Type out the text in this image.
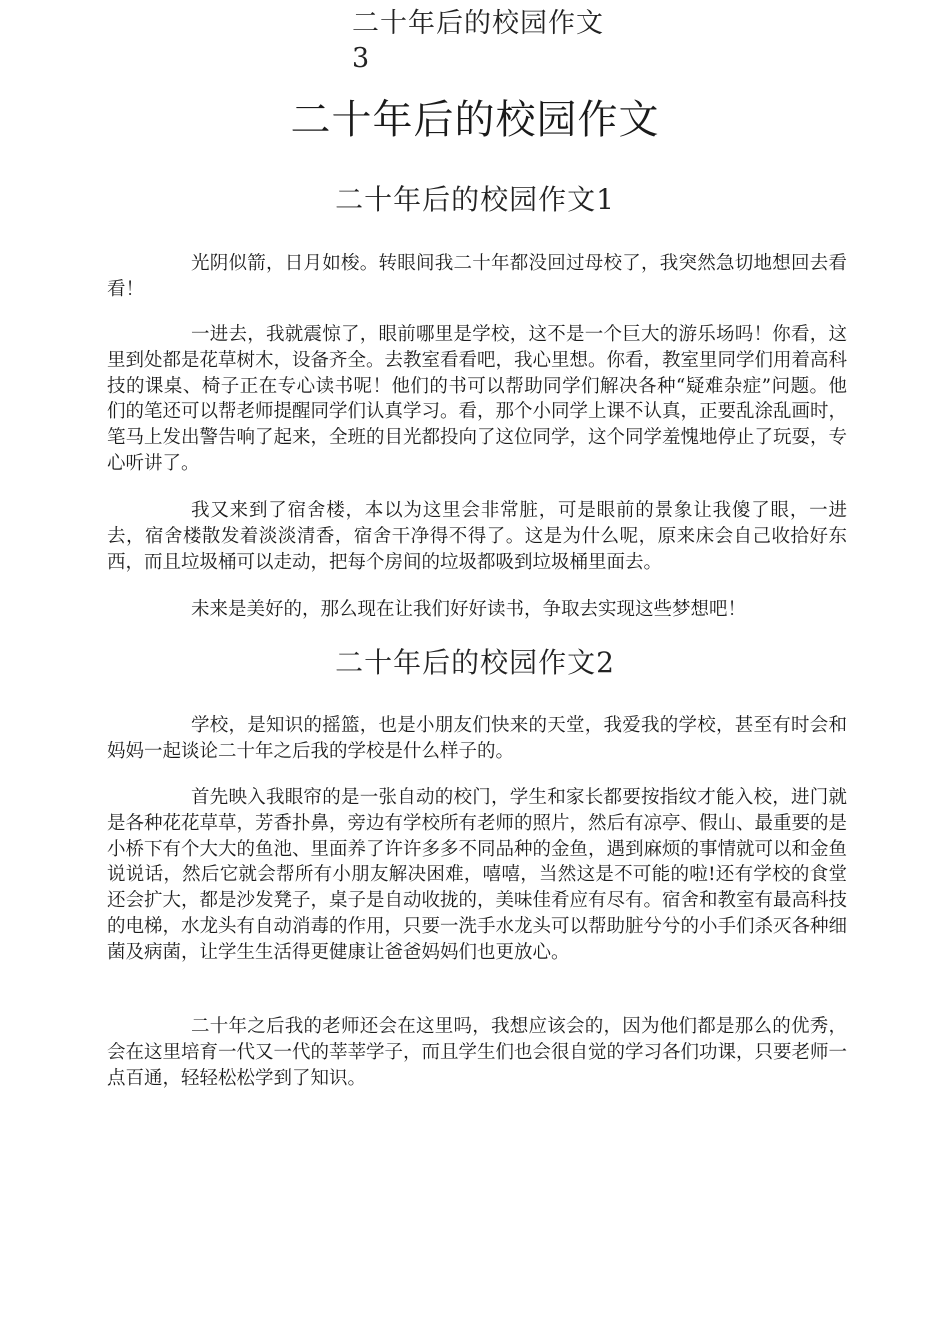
二十年后的校园作文
3
二十年后的校园作文
二十年后的校园作文1

光阴似箭，日月如梭。转眼间我二十年都没回过母校了，我突然急切地想回去看看！

一进去，我就震惊了，眼前哪里是学校，这不是一个巨大的游乐场吗！你看，这里到处都是花草树木，设备齐全。去教室看看吧，我心里想。你看，教室里同学们用着高科技的课桌、椅子正在专心读书呢！他们的书可以帮助同学们解决各种“疑难杂症”问题。他们的笔还可以帮老师提醒同学们认真学习。看，那个小同学上课不认真，正要乱涂乱画时，笔马上发出警告响了起来，全班的目光都投向了这位同学，这个同学羞愧地停止了玩耍，专心听讲了。

我又来到了宿舍楼，本以为这里会非常脏，可是眼前的景象让我傻了眼，一进去，宿舍楼散发着淡淡清香，宿舍干净得不得了。这是为什么呢，原来床会自己收拾好东西，而且垃圾桶可以走动，把每个房间的垃圾都吸到垃圾桶里面去。

未来是美好的，那么现在让我们好好读书，争取去实现这些梦想吧！

二十年后的校园作文2

学校，是知识的摇篮，也是小朋友们快来的天堂，我爱我的学校，甚至有时会和妈妈一起谈论二十年之后我的学校是什么样子的。

首先映入我眼帘的是一张自动的校门，学生和家长都要按指纹才能入校，进门就是各种花花草草，芳香扑鼻，旁边有学校所有老师的照片，然后有凉亭、假山、最重要的是小桥下有个大大的鱼池、里面养了许许多多不同品种的金鱼，遇到麻烦的事情就可以和金鱼说说话，然后它就会帮所有小朋友解决困难，嘻嘻，当然这是不可能的啦!还有学校的食堂还会扩大，都是沙发凳子，桌子是自动收拢的，美味佳肴应有尽有。宿舍和教室有最高科技的电梯，水龙头有自动消毒的作用，只要一洗手水龙头可以帮助脏兮兮的小手们杀灭各种细菌及病菌，让学生生活得更健康让爸爸妈妈们也更放心。

二十年之后我的老师还会在这里吗，我想应该会的，因为他们都是那么的优秀，会在这里培育一代又一代的莘莘学子，而且学生们也会很自觉的学习各们功课，只要老师一点百通，轻轻松松学到了知识。
